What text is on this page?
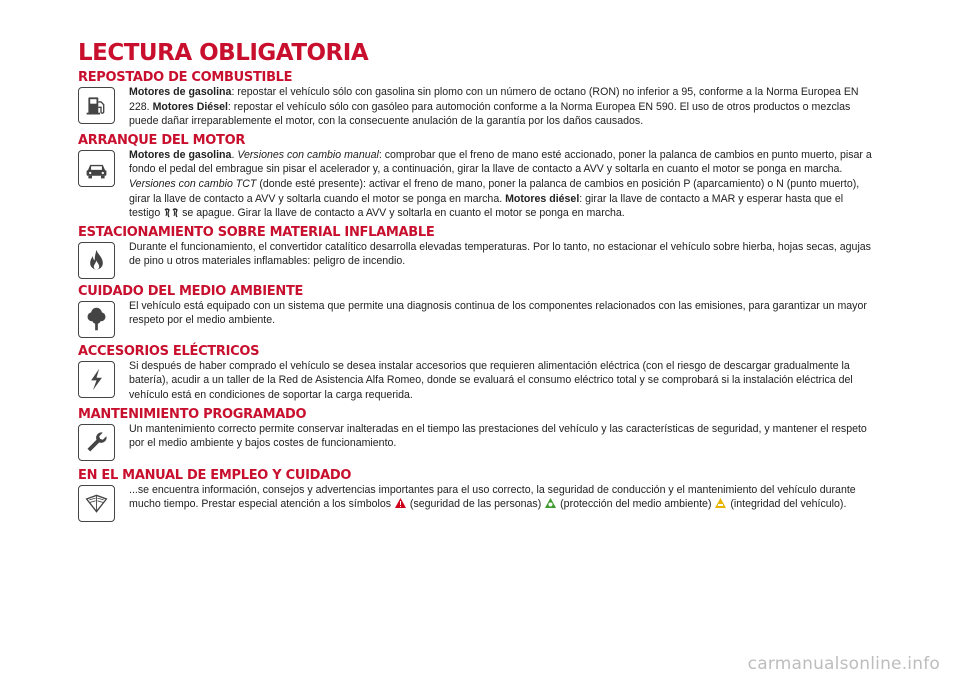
LECTURA OBLIGATORIA
REPOSTADO DE COMBUSTIBLE
Motores de gasolina: repostar el vehículo sólo con gasolina sin plomo con un número de octano (RON) no inferior a 95, conforme a la Norma Europea EN 228. Motores Diésel: repostar el vehículo sólo con gasóleo para automoción conforme a la Norma Europea EN 590. El uso de otros productos o mezclas puede dañar irreparablemente el motor, con la consecuente anulación de la garantía por los daños causados.
ARRANQUE DEL MOTOR
Motores de gasolina. Versiones con cambio manual: comprobar que el freno de mano esté accionado, poner la palanca de cambios en punto muerto, pisar a fondo el pedal del embrague sin pisar el acelerador y, a continuación, girar la llave de contacto a AVV y soltarla en cuanto el motor se ponga en marcha. Versiones con cambio TCT (donde esté presente): activar el freno de mano, poner la palanca de cambios en posición P (aparcamiento) o N (punto muerto), girar la llave de contacto a AVV y soltarla cuando el motor se ponga en marcha. Motores diésel: girar la llave de contacto a MAR y esperar hasta que el testigo  se apague. Girar la llave de contacto a AVV y soltarla en cuanto el motor se ponga en marcha.
ESTACIONAMIENTO SOBRE MATERIAL INFLAMABLE
Durante el funcionamiento, el convertidor catalítico desarrolla elevadas temperaturas. Por lo tanto, no estacionar el vehículo sobre hierba, hojas secas, agujas de pino u otros materiales inflamables: peligro de incendio.
CUIDADO DEL MEDIO AMBIENTE
El vehículo está equipado con un sistema que permite una diagnosis continua de los componentes relacionados con las emisiones, para garantizar un mayor respeto por el medio ambiente.
ACCESORIOS ELÉCTRICOS
Si después de haber comprado el vehículo se desea instalar accesorios que requieren alimentación eléctrica (con el riesgo de descargar gradualmente la batería), acudir a un taller de la Red de Asistencia Alfa Romeo, donde se evaluará el consumo eléctrico total y se comprobará si la instalación eléctrica del vehículo está en condiciones de soportar la carga requerida.
MANTENIMIENTO PROGRAMADO
Un mantenimiento correcto permite conservar inalteradas en el tiempo las prestaciones del vehículo y las características de seguridad, y mantener el respeto por el medio ambiente y bajos costes de funcionamiento.
EN EL MANUAL DE EMPLEO Y CUIDADO
...se encuentra información, consejos y advertencias importantes para el uso correcto, la seguridad de conducción y el mantenimiento del vehículo durante mucho tiempo. Prestar especial atención a los símbolos  (seguridad de las personas)  (protección del medio ambiente)  (integridad del vehículo).
carmanualsonline.info
